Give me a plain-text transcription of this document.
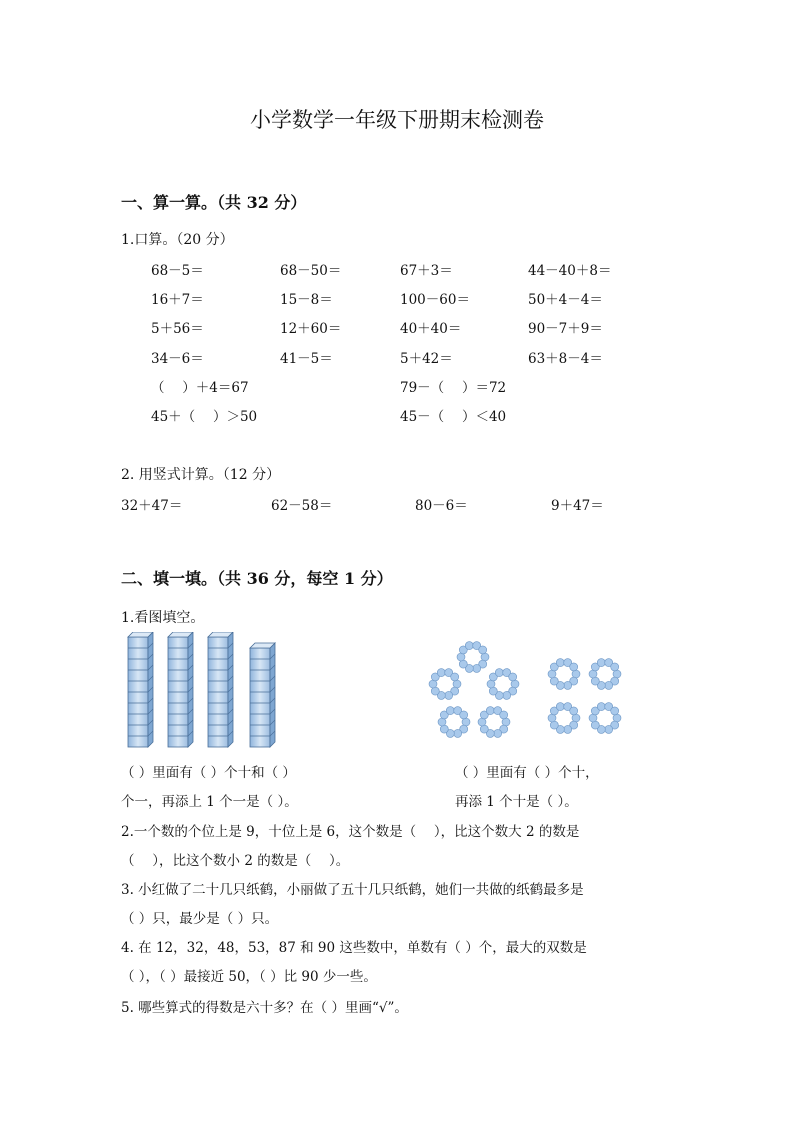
小学数学一年级下册期末检测卷
一、算一算。（共 32 分）
1.口算。（20 分）
68－5＝	68－50＝	67＋3＝	44－40＋8＝
16＋7＝	15－8＝	100－60＝	50＋4－4＝
5＋56＝	12＋60＝	40＋40＝	90－7＋9＝
34－6＝	41－5＝	5＋42＝	63＋8－4＝
（　 ）＋4＝67	79－（　 ）＝72
45＋（　 ）＞50	45－（　 ）＜40
2. 用竖式计算。（12 分）
32＋47＝	62－58＝	80－6＝	9＋47＝
二、填一填。（共 36 分，每空 1 分）
1.看图填空。
（ ）里面有（ ）个十和（ ）
个一，再添上 1 个一是（ ）。
（ ）里面有（ ）个十，
再添 1 个十是（ ）。
2.一个数的个位上是 9，十位上是 6，这个数是（　 ），比这个数大 2 的数是
（　 ），比这个数小 2 的数是（　 ）。
3. 小红做了二十几只纸鹤，小丽做了五十几只纸鹤，她们一共做的纸鹤最多是
（ ）只，最少是（ ）只。
4. 在 12，32，48，53，87 和 90 这些数中，单数有（ ）个，最大的双数是
（ ），（ ）最接近 50，（ ）比 90 少一些。
5. 哪些算式的得数是六十多？在（ ）里画“√”。
